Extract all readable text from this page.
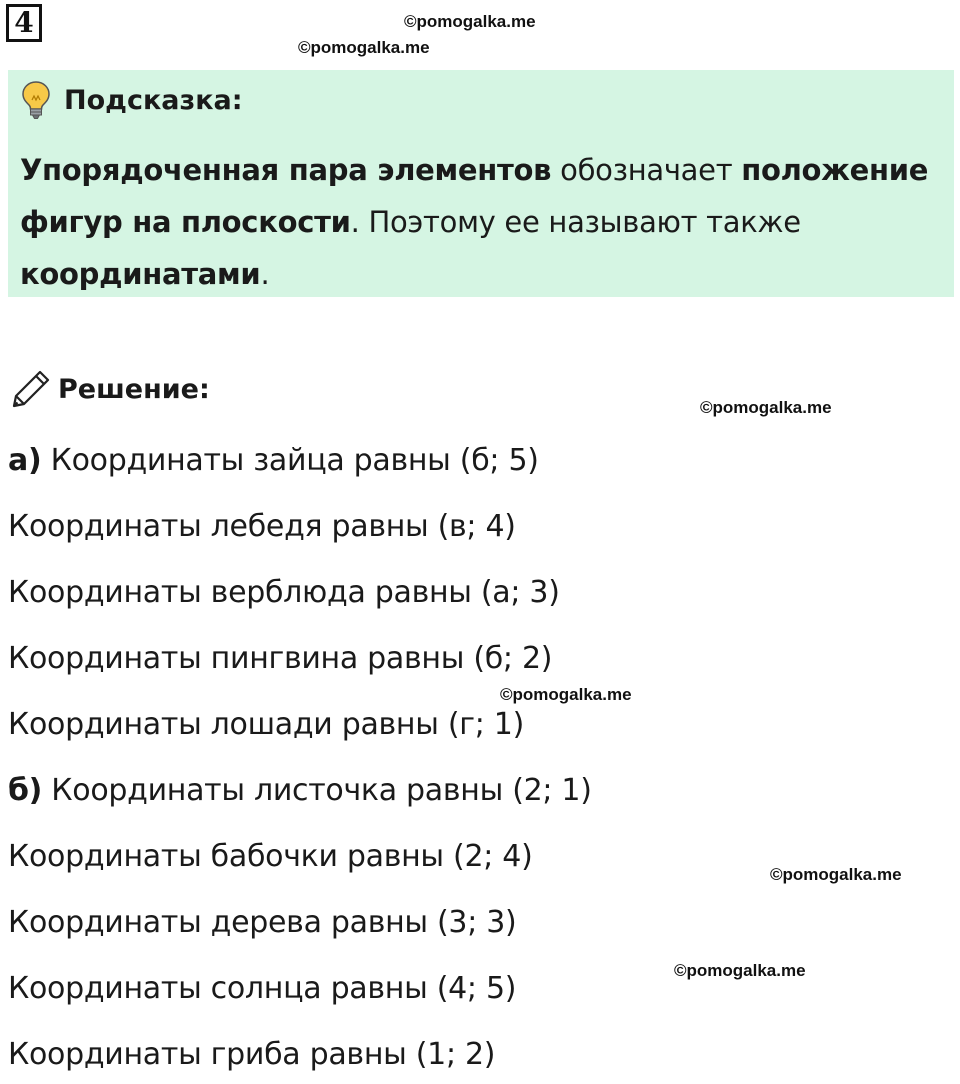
4	©pomogalka.me
©pomogalka.me
Подсказка:
Упорядоченная пара элементов обозначает положение фигур на плоскости. Поэтому ее называют также координатами.
Решение:
©pomogalka.me
а) Координаты зайца равны (б; 5)
Координаты лебедя равны (в; 4)
Координаты верблюда равны (а; 3)
Координаты пингвина равны (б; 2)
©pomogalka.me
Координаты лошади равны (г; 1)
б) Координаты листочка равны (2; 1)
Координаты бабочки равны (2; 4)
©pomogalka.me
Координаты дерева равны (3; 3)
©pomogalka.me
Координаты солнца равны (4; 5)
Координаты гриба равны (1; 2)
